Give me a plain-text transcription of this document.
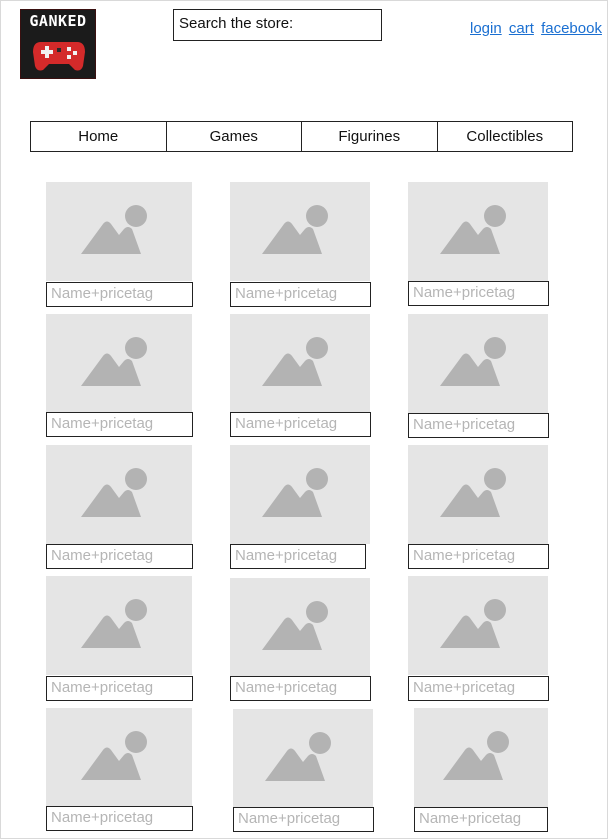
GANKED	Search the store:	login cart facebook
Home	Games	Figurines	Collectibles
Name+pricetag	Name+pricetag	Name+pricetag
Name+pricetag	Name+pricetag	Name+pricetag
Name+pricetag	Name+pricetag	Name+pricetag
Name+pricetag	Name+pricetag	Name+pricetag
Name+pricetag	Name+pricetag	Name+pricetag
